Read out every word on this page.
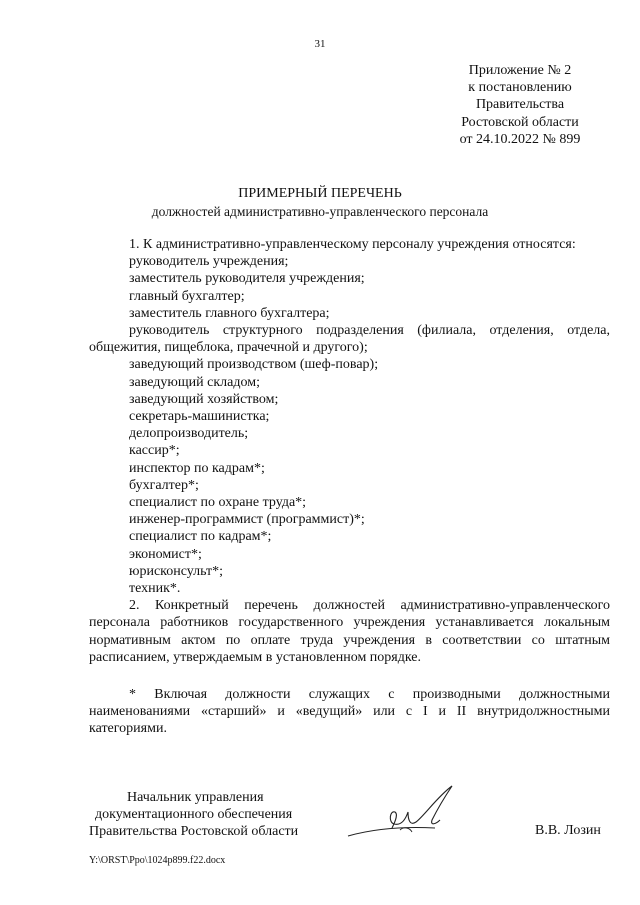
31
Приложение № 2
к постановлению
Правительства
Ростовской области
от 24.10.2022 № 899
ПРИМЕРНЫЙ ПЕРЕЧЕНЬ
должностей административно-управленческого персонала
1. К административно-управленческому персоналу учреждения относятся:
руководитель учреждения;
заместитель руководителя учреждения;
главный бухгалтер;
заместитель главного бухгалтера;
руководитель структурного подразделения (филиала, отделения, отдела,
общежития, пищеблока, прачечной и другого);
заведующий производством (шеф-повар);
заведующий складом;
заведующий хозяйством;
секретарь-машинистка;
делопроизводитель;
кассир*;
инспектор по кадрам*;
бухгалтер*;
специалист по охране труда*;
инженер-программист (программист)*;
специалист по кадрам*;
экономист*;
юрисконсульт*;
техник*.
2. Конкретный перечень должностей административно-управленческого персонала работников государственного учреждения устанавливается локальным нормативным актом по оплате труда учреждения в соответствии со штатным расписанием, утверждаемым в установленном порядке.
* Включая должности служащих с производными должностными наименованиями «старший» и «ведущий» или с I и II внутридолжностными категориями.
Начальник управления
документационного обеспечения
Правительства Ростовской области	В.В. Лозин
Y:\ORST\Ppo\1024p899.f22.docx
